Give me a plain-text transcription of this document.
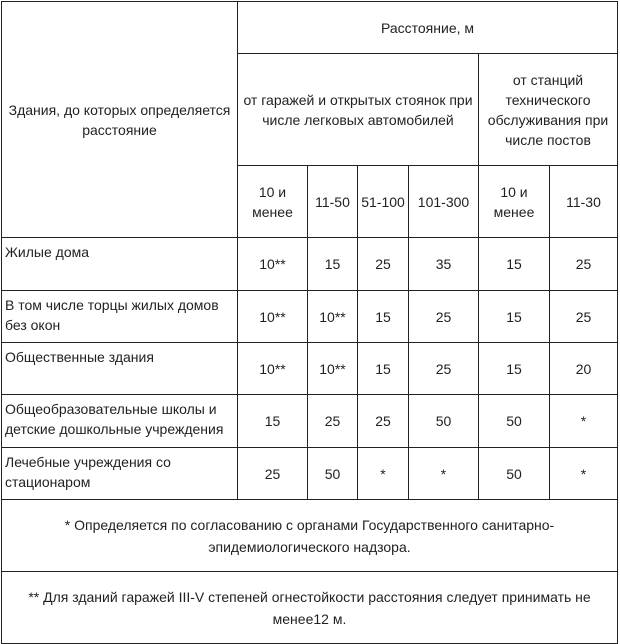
Здания, до которых определяется расстояние	Расстояние, м					
	от гаражей и открытых стоянок при числе легковых автомобилей				от станций технического обслуживания при числе постов	
	10 и менее	11-50	51-100	101-300	10 и менее	11-30
Жилые дома	10**	15	25	35	15	25
В том числе торцы жилых домов без окон	10**	10**	15	25	15	25
Общественные здания	10**	10**	15	25	15	20
Общеобразовательные школы и детские дошкольные учреждения	15	25	25	50	50	*
Лечебные учреждения со стационаром	25	50	*	*	50	*
* Определяется по согласованию с органами Государственного санитарно-эпидемиологического надзора.						
** Для зданий гаражей III-V степеней огнестойкости расстояния следует принимать не менее12 м.						
